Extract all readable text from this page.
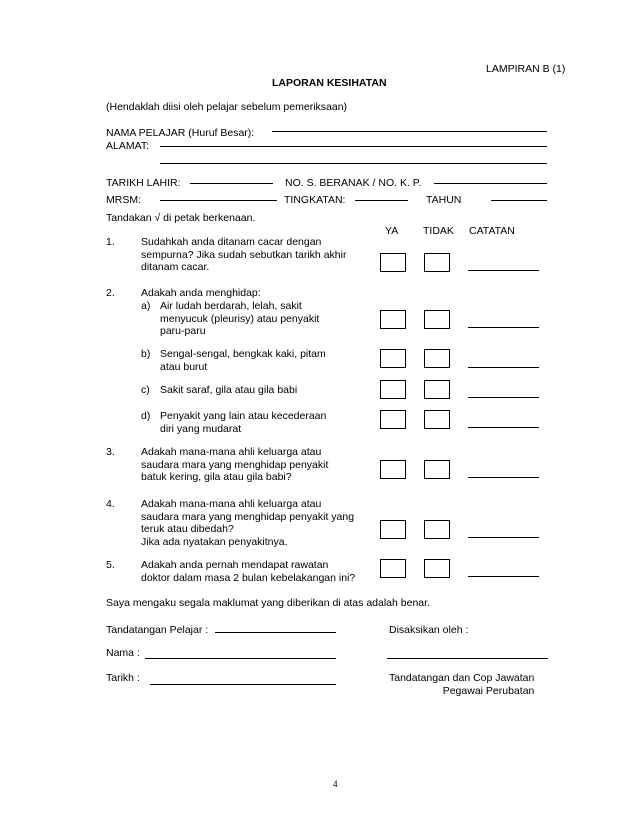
LAMPIRAN B (1)
LAPORAN KESIHATAN
(Hendaklah diisi oleh pelajar sebelum pemeriksaan)
NAMA PELAJAR (Huruf Besar):
ALAMAT:
TARIKH LAHIR:	NO. S. BERANAK / NO. K. P.
MRSM:	TINGKATAN:	TAHUN
Tandakan √ di petak berkenaan.
YA TIDAK CATATAN
1. Sudahkah anda ditanam cacar dengan
sempurna? Jika sudah sebutkan tarikh akhir
ditanam cacar.
2. Adakah anda menghidap:
a) Air ludah berdarah, lelah, sakit
menyucuk (pleurisy) atau penyakit
paru-paru
b) Sengal-sengal, bengkak kaki, pitam
atau burut
c) Sakit saraf, gila atau gila babi
d) Penyakit yang lain atau kecederaan
diri yang mudarat
3. Adakah mana-mana ahli keluarga atau
saudara mara yang menghidap penyakit
batuk kering, gila atau gila babi?
4. Adakah mana-mana ahli keluarga atau
saudara mara yang menghidap penyakit yang
teruk atau dibedah?
Jika ada nyatakan penyakitnya.
5. Adakah anda pernah mendapat rawatan
doktor dalam masa 2 bulan kebelakangan ini?
Saya mengaku segala maklumat yang diberikan di atas adalah benar.
Tandatangan Pelajar :	Disaksikan oleh :
Nama :
Tarikh :	Tandatangan dan Cop Jawatan
Pegawai Perubatan
4
